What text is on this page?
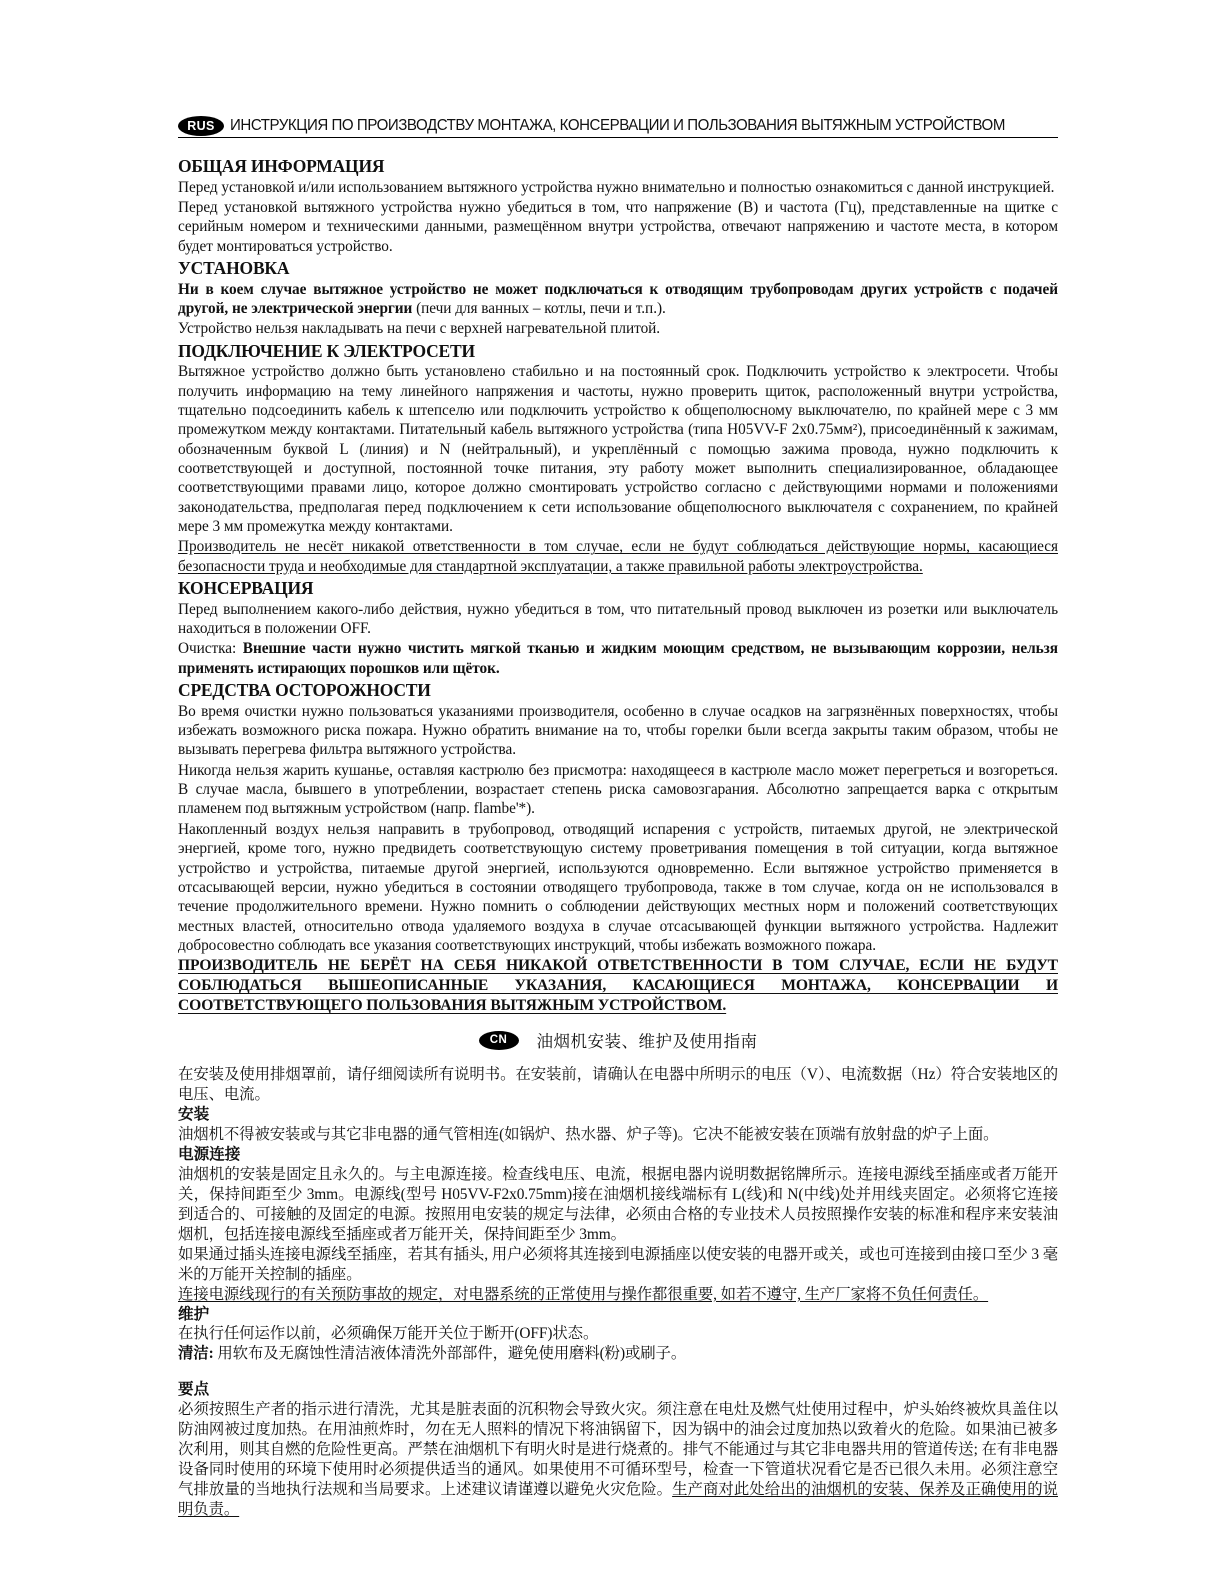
RUS ИНСТРУКЦИЯ ПО ПРОИЗВОДСТВУ МОНТАЖА, КОНСЕРВАЦИИ И ПОЛЬЗОВАНИЯ ВЫТЯЖНЫМ УСТРОЙСТВОМ
ОБЩАЯ ИНФОРМАЦИЯ

Перед установкой и/или использованием вытяжного устройства нужно внимательно и полностью ознакомиться с данной инструкцией.

Перед установкой вытяжного устройства нужно убедиться в том, что напряжение (В) и частота (Гц), представленные на щитке с серийным номером и техническими данными, размещённом внутри устройства, отвечают напряжению и частоте места, в котором будет монтироваться устройство.

УСТАНОВКА

Ни в коем случае вытяжное устройство не может подключаться к отводящим трубопроводам других устройств с подачей другой, не электрической энергии (печи для ванных – котлы, печи и т.п.).

Устройство нельзя накладывать на печи с верхней нагревательной плитой.

ПОДКЛЮЧЕНИЕ К ЭЛЕКТРОСЕТИ

Вытяжное устройство должно быть установлено стабильно и на постоянный срок. Подключить устройство к электросети. Чтобы получить информацию на тему линейного напряжения и частоты, нужно проверить щиток, расположенный внутри устройства, тщательно подсоединить кабель к штепселю или подключить устройство к общеполюсному выключателю, по крайней мере с 3 мм промежутком между контактами. Питательный кабель вытяжного устройства (типа H05VV-F 2x0.75мм²), присоединённый к зажимам, обозначенным буквой L (линия) и N (нейтральный), и укреплённый с помощью зажима провода, нужно подключить к соответствующей и доступной, постоянной точке питания, эту работу может выполнить специализированное, обладающее соответствующими правами лицо, которое должно смонтировать устройство согласно с действующими нормами и положениями законодательства, предполагая перед подключением к сети использование общеполюсного выключателя с сохранением, по крайней мере 3 мм промежутка между контактами.

Производитель не несёт никакой ответственности в том случае, если не будут соблюдаться действующие нормы, касающиеся безопасности труда и необходимые для стандартной эксплуатации, а также правильной работы электроустройства.

КОНСЕРВАЦИЯ

Перед выполнением какого-либо действия, нужно убедиться в том, что питательный провод выключен из розетки или выключатель находиться в положении OFF.

Очистка: Внешние части нужно чистить мягкой тканью и жидким моющим средством, не вызывающим коррозии, нельзя применять истирающих порошков или щёток.

СРЕДСТВА ОСТОРОЖНОСТИ

Во время очистки нужно пользоваться указаниями производителя, особенно в случае осадков на загрязнённых поверхностях, чтобы избежать возможного риска пожара. Нужно обратить внимание на то, чтобы горелки были всегда закрыты таким образом, чтобы не вызывать перегрева фильтра вытяжного устройства.

Никогда нельзя жарить кушанье, оставляя кастрюлю без присмотра: находящееся в кастрюле масло может перегреться и возгореться. В случае масла, бывшего в употреблении, возрастает степень риска самовозгарания. Абсолютно запрещается варка с открытым пламенем под вытяжным устройством (напр. flambe'*).

Накопленный воздух нельзя направить в трубопровод, отводящий испарения с устройств, питаемых другой, не электрической энергией, кроме того, нужно предвидеть соответствующую систему проветривания помещения в той ситуации, когда вытяжное устройство и устройства, питаемые другой энергией, используются одновременно. Если вытяжное устройство применяется в отсасывающей версии, нужно убедиться в состоянии отводящего трубопровода, также в том случае, когда он не использовался в течение продолжительного времени. Нужно помнить о соблюдении действующих местных норм и положений соответствующих местных властей, относительно отвода удаляемого воздуха в случае отсасывающей функции вытяжного устройства. Надлежит добросовестно соблюдать все указания соответствующих инструкций, чтобы избежать возможного пожара.

ПРОИЗВОДИТЕЛЬ НЕ БЕРЁТ НА СЕБЯ НИКАКОЙ ОТВЕТСТВЕННОСТИ В ТОМ СЛУЧАЕ, ЕСЛИ НЕ БУДУТ СОБЛЮДАТЬСЯ ВЫШЕОПИСАННЫЕ УКАЗАНИЯ, КАСАЮЩИЕСЯ МОНТАЖА, КОНСЕРВАЦИИ И СООТВЕТСТВУЮЩЕГО ПОЛЬЗОВАНИЯ ВЫТЯЖНЫМ УСТРОЙСТВОМ.

CN	油烟机安装、维护及使用指南

在安装及使用排烟罩前，请仔细阅读所有说明书。在安装前，请确认在电器中所明示的电压（V）、电流数据（Hz）符合安装地区的电压、电流。

安装

油烟机不得被安装或与其它非电器的通气管相连(如锅炉、热水器、炉子等)。它决不能被安装在顶端有放射盘的炉子上面。

电源连接

油烟机的安装是固定且永久的。与主电源连接。检查线电压、电流，根据电器内说明数据铭牌所示。连接电源线至插座或者万能开关，保持间距至少 3mm。电源线(型号 H05VV-F2x0.75mm)接在油烟机接线端标有 L(线)和 N(中线)处并用线夹固定。必须将它连接到适合的、可接触的及固定的电源。按照用电安装的规定与法律，必须由合格的专业技术人员按照操作安装的标准和程序来安装油烟机，包括连接电源线至插座或者万能开关，保持间距至少 3mm。

如果通过插头连接电源线至插座，若其有插头, 用户必须将其连接到电源插座以使安装的电器开或关，或也可连接到由接口至少 3 毫米的万能开关控制的插座。

连接电源线现行的有关预防事故的规定，对电器系统的正常使用与操作都很重要, 如若不遵守, 生产厂家将不负任何责任。

维护

在执行任何运作以前，必须确保万能开关位于断开(OFF)状态。

清洁: 用软布及无腐蚀性清洁液体清洗外部部件，避免使用磨料(粉)或刷子。

要点

必须按照生产者的指示进行清洗，尤其是脏表面的沉积物会导致火灾。须注意在电灶及燃气灶使用过程中，炉头始终被炊具盖住以防油网被过度加热。在用油煎炸时，勿在无人照料的情况下将油锅留下，因为锅中的油会过度加热以致着火的危险。如果油已被多次利用，则其自燃的危险性更高。严禁在油烟机下有明火时是进行烧煮的。排气不能通过与其它非电器共用的管道传送; 在有非电器设备同时使用的环境下使用时必须提供适当的通风。如果使用不可循环型号，检查一下管道状况看它是否已很久未用。必须注意空气排放量的当地执行法规和当局要求。上述建议请谨遵以避免火灾危险。生产商对此处给出的油烟机的安装、保养及正确使用的说明负责。
